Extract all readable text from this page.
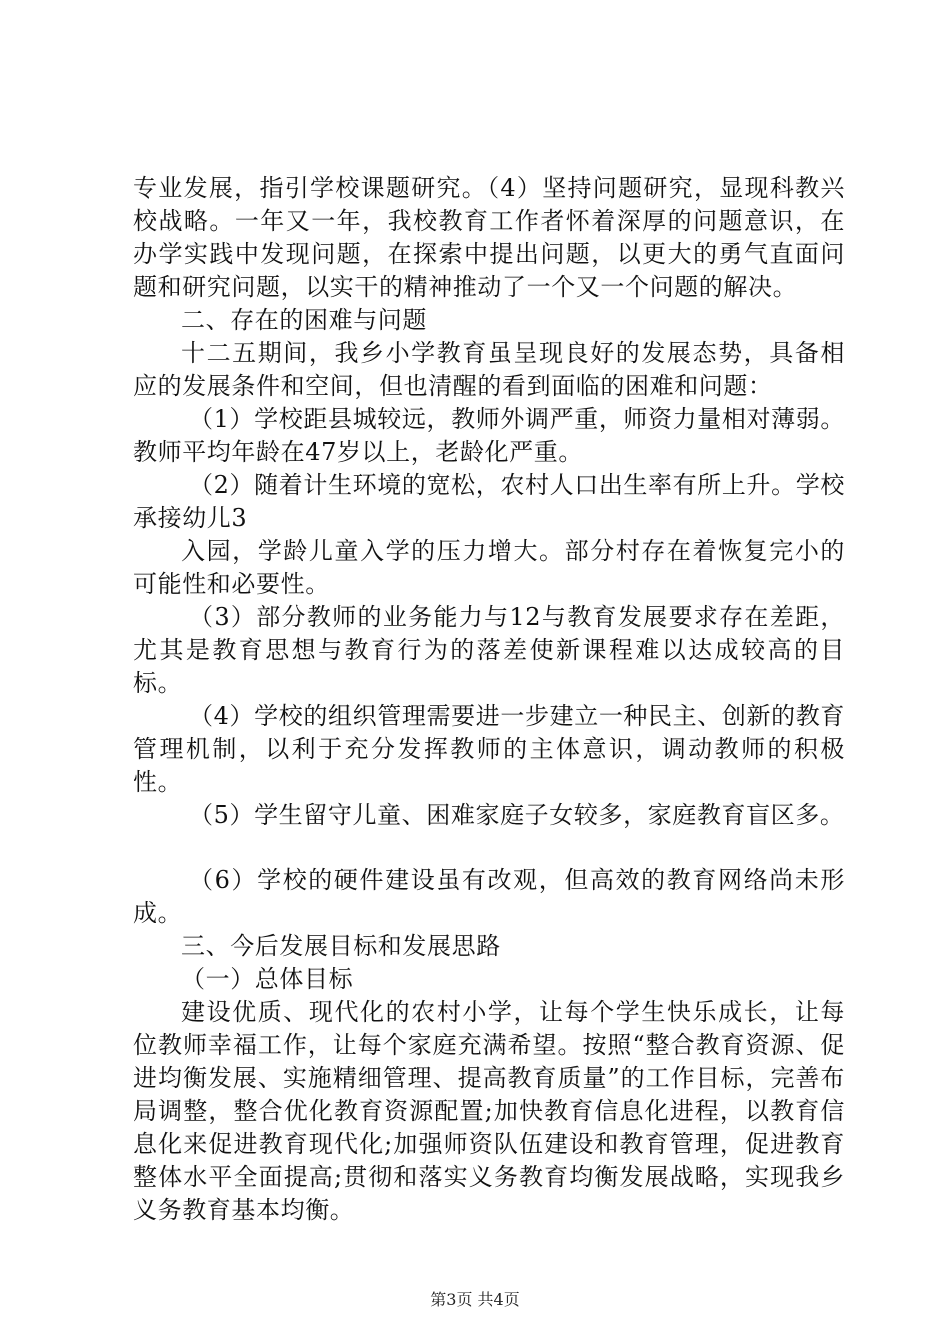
专业发展，指引学校课题研究。（4）坚持问题研究，显现科教兴校战略。一年又一年，我校教育工作者怀着深厚的问题意识，在办学实践中发现问题，在探索中提出问题，以更大的勇气直面问题和研究问题，以实干的精神推动了一个又一个问题的解决。

二、存在的困难与问题

十二五期间，我乡小学教育虽呈现良好的发展态势，具备相应的发展条件和空间，但也清醒的看到面临的困难和问题：

（1）学校距县城较远，教师外调严重，师资力量相对薄弱。教师平均年龄在47岁以上，老龄化严重。

（2）随着计生环境的宽松，农村人口出生率有所上升。学校承接幼儿3

入园，学龄儿童入学的压力增大。部分村存在着恢复完小的可能性和必要性。

（3）部分教师的业务能力与12与教育发展要求存在差距，尤其是教育思想与教育行为的落差使新课程难以达成较高的目标。

（4）学校的组织管理需要进一步建立一种民主、创新的教育管理机制，以利于充分发挥教师的主体意识，调动教师的积极性。

（5）学生留守儿童、困难家庭子女较多，家庭教育盲区多。

（6）学校的硬件建设虽有改观，但高效的教育网络尚未形成。

三、今后发展目标和发展思路

（一）总体目标

建设优质、现代化的农村小学，让每个学生快乐成长，让每位教师幸福工作，让每个家庭充满希望。按照“整合教育资源、促进均衡发展、实施精细管理、提高教育质量”的工作目标，完善布局调整，整合优化教育资源配置;加快教育信息化进程，以教育信息化来促进教育现代化;加强师资队伍建设和教育管理，促进教育整体水平全面提高;贯彻和落实义务教育均衡发展战略，实现我乡义务教育基本均衡。

第3页 共4页
